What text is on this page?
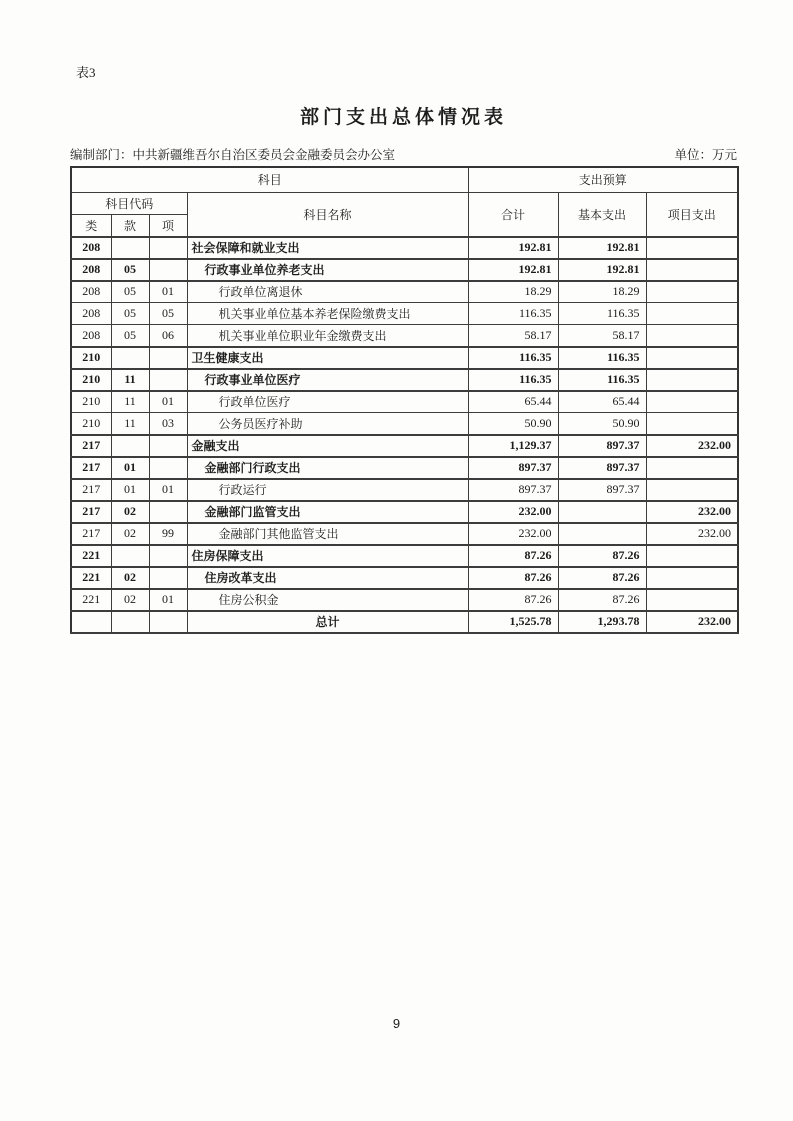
表3
部门支出总体情况表
编制部门：中共新疆维吾尔自治区委员会金融委员会办公室	单位：万元
科目				支出预算		
科目代码			科目名称	合计	基本支出	项目支出
类	款	项				
208			社会保障和就业支出	192.81	192.81	
208	05		行政事业单位养老支出	192.81	192.81	
208	05	01	行政单位离退休	18.29	18.29	
208	05	05	机关事业单位基本养老保险缴费支出	116.35	116.35	
208	05	06	机关事业单位职业年金缴费支出	58.17	58.17	
210			卫生健康支出	116.35	116.35	
210	11		行政事业单位医疗	116.35	116.35	
210	11	01	行政单位医疗	65.44	65.44	
210	11	03	公务员医疗补助	50.90	50.90	
217			金融支出	1,129.37	897.37	232.00
217	01		金融部门行政支出	897.37	897.37	
217	01	01	行政运行	897.37	897.37	
217	02		金融部门监管支出	232.00		232.00
217	02	99	金融部门其他监管支出	232.00		232.00
221			住房保障支出	87.26	87.26	
221	02		住房改革支出	87.26	87.26	
221	02	01	住房公积金	87.26	87.26	
			总计	1,525.78	1,293.78	232.00
9
